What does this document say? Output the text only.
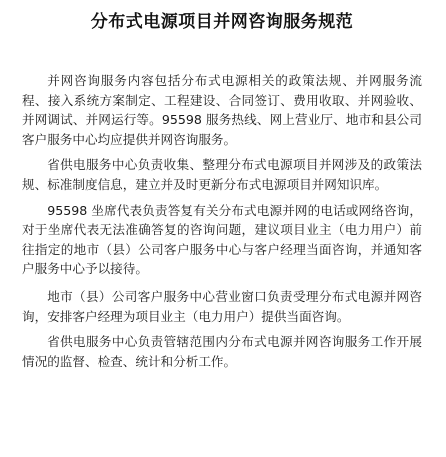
分布式电源项目并网咨询服务规范

并网咨询服务内容包括分布式电源相关的政策法规、并网服务流程、接入系统方案制定、工程建设、合同签订、费用收取、并网验收、并网调试、并网运行等。95598 服务热线、网上营业厅、地市和县公司客户服务中心均应提供并网咨询服务。

省供电服务中心负责收集、整理分布式电源项目并网涉及的政策法规、标准制度信息，建立并及时更新分布式电源项目并网知识库。

95598 坐席代表负责答复有关分布式电源并网的电话或网络咨询，对于坐席代表无法准确答复的咨询问题，建议项目业主（电力用户）前往指定的地市（县）公司客户服务中心与客户经理当面咨询，并通知客户服务中心予以接待。

地市（县）公司客户服务中心营业窗口负责受理分布式电源并网咨询，安排客户经理为项目业主（电力用户）提供当面咨询。

省供电服务中心负责管辖范围内分布式电源并网咨询服务工作开展情况的监督、检查、统计和分析工作。
